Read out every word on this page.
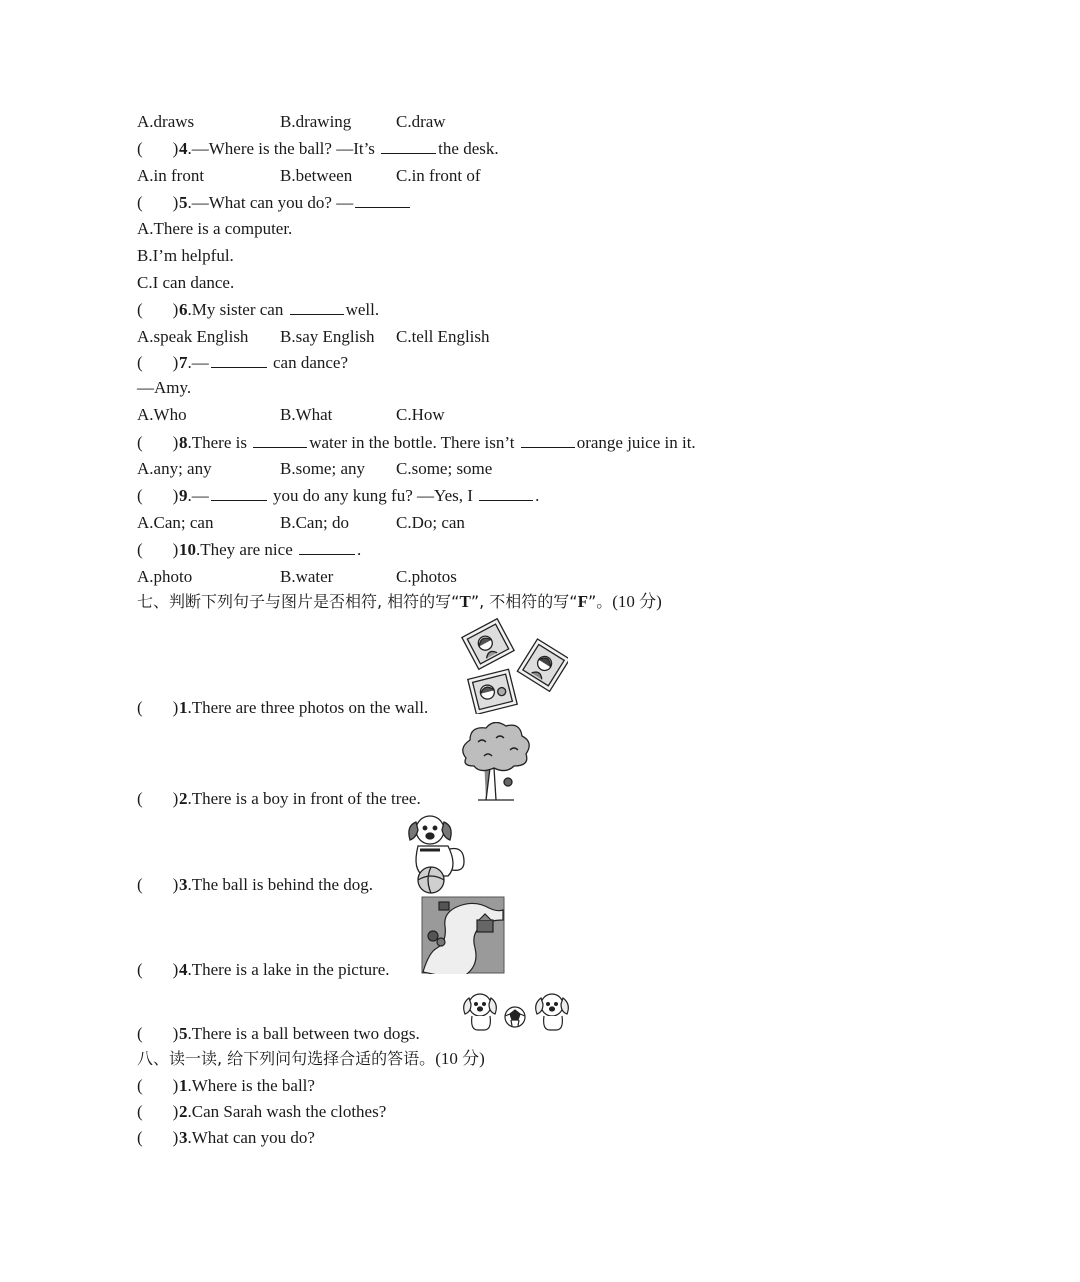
A.draws	B.drawing	C.draw
( )4.—Where is the ball? —It’s	the desk.
A.in front	B.between	C.in front of
( )5.—What can you do? —
A.There is a computer.
B.I’m helpful.
C.I can dance.
( )6.My sister can	well.
A.speak English B.say English C.tell English
( )7.—	can dance?
—Amy.
A.Who	B.What	C.How
( )8.There is	water in the bottle. There isn’t	orange juice in it.
A.any; any	B.some; any C.some; some
( )9.—	you do any kung fu? —Yes, I	.
A.Can; can	B.Can; do	C.Do; can
( )10.They are nice	.
A.photo	B.water	C.photos
七、判断下列句子与图片是否相符, 相符的写“T”, 不相符的写“F”。(10 分)
( )1.There are three photos on the wall.
( )2.There is a boy in front of the tree.
( )3.The ball is behind the dog.
( )4.There is a lake in the picture.
( )5.There is a ball between two dogs.
八、读一读, 给下列问句选择合适的答语。(10 分)
( )1.Where is the ball?
( )2.Can Sarah wash the clothes?
( )3.What can you do?
